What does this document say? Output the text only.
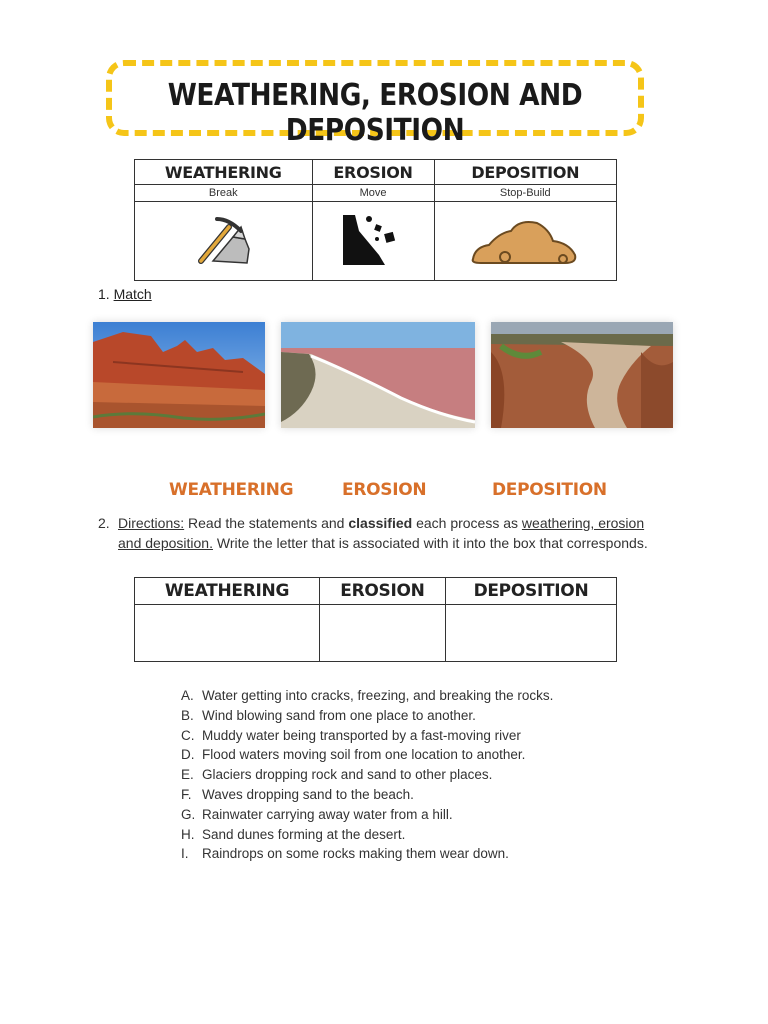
WEATHERING, EROSION AND DEPOSITION
WEATHERING	EROSION	DEPOSITION
Break	Move	Stop-Build

1. Match
WEATHERING	EROSION	DEPOSITION
2. Directions: Read the statements and classified each process as weathering, erosion and deposition. Write the letter that is associated with it into the box that corresponds.
WEATHERING	EROSION	DEPOSITION

A. Water getting into cracks, freezing, and breaking the rocks.
B. Wind blowing sand from one place to another.
C. Muddy water being transported by a fast-moving river
D. Flood waters moving soil from one location to another.
E. Glaciers dropping rock and sand to other places.
F. Waves dropping sand to the beach.
G. Rainwater carrying away water from a hill.
H. Sand dunes forming at the desert.
I. Raindrops on some rocks making them wear down.
